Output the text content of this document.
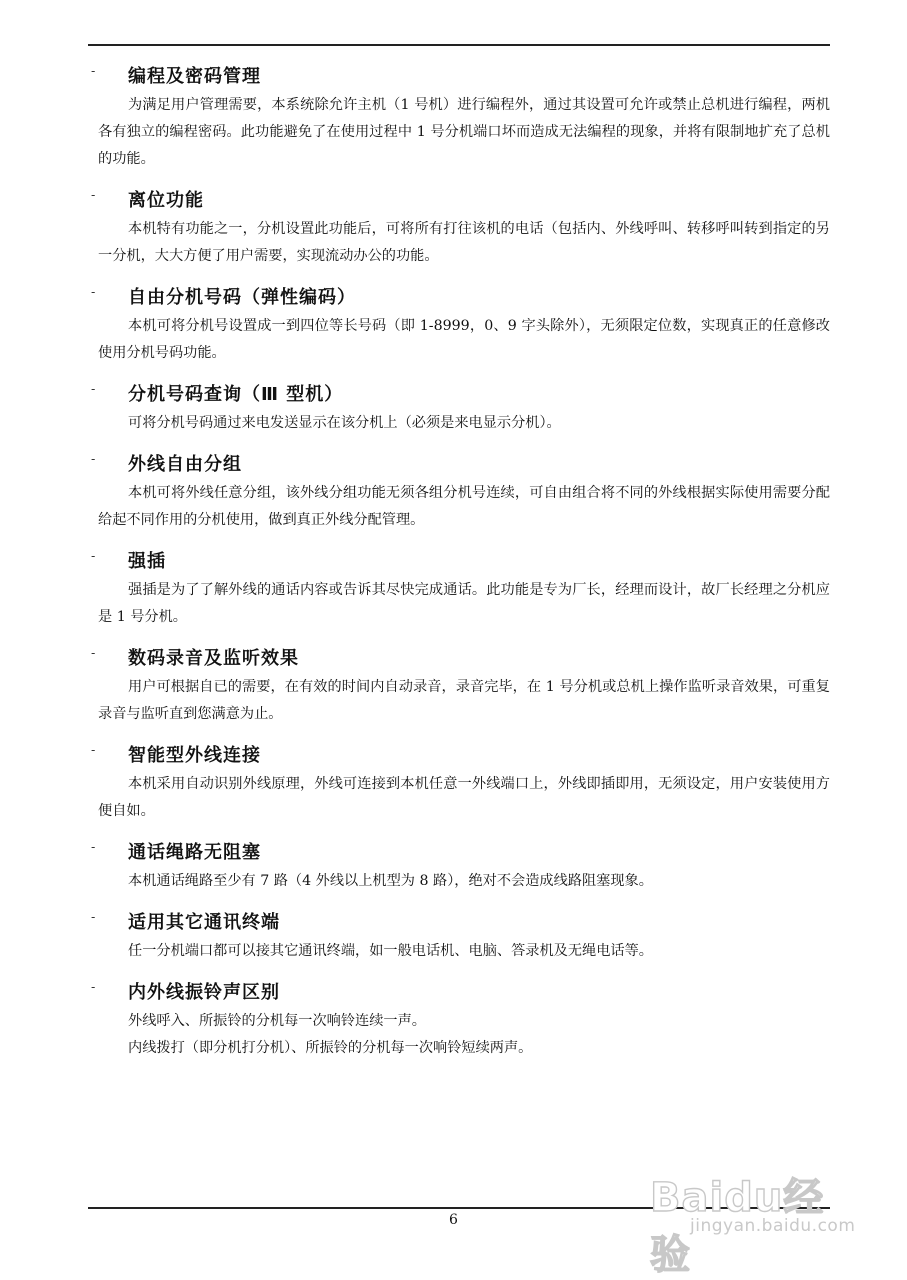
- 编程及密码管理

为满足用户管理需要，本系统除允许主机（1 号机）进行编程外，通过其设置可允许或禁止总机进行编程，两机各有独立的编程密码。此功能避免了在使用过程中 1 号分机端口坏而造成无法编程的现象，并将有限制地扩充了总机的功能。

- 离位功能

本机特有功能之一，分机设置此功能后，可将所有打往该机的电话（包括内、外线呼叫、转移呼叫转到指定的另一分机，大大方便了用户需要，实现流动办公的功能。

- 自由分机号码（弹性编码）

本机可将分机号设置成一到四位等长号码（即 1-8999，0、9 字头除外），无须限定位数，实现真正的任意修改使用分机号码功能。

- 分机号码查询（Ⅲ 型机）

可将分机号码通过来电发送显示在该分机上（必须是来电显示分机）。

- 外线自由分组

本机可将外线任意分组，该外线分组功能无须各组分机号连续，可自由组合将不同的外线根据实际使用需要分配给起不同作用的分机使用，做到真正外线分配管理。

- 强插

强插是为了了解外线的通话内容或告诉其尽快完成通话。此功能是专为厂长，经理而设计，故厂长经理之分机应是 1 号分机。

- 数码录音及监听效果

用户可根据自已的需要，在有效的时间内自动录音，录音完毕，在 1 号分机或总机上操作监听录音效果，可重复录音与监听直到您满意为止。

- 智能型外线连接

本机采用自动识别外线原理，外线可连接到本机任意一外线端口上，外线即插即用，无须设定，用户安装使用方便自如。

- 通话绳路无阻塞

本机通话绳路至少有 7 路（4 外线以上机型为 8 路），绝对不会造成线路阻塞现象。

- 适用其它通讯终端

任一分机端口都可以接其它通讯终端，如一般电话机、电脑、答录机及无绳电话等。

- 内外线振铃声区别

外线呼入、所振铃的分机每一次响铃连续一声。

内线拨打（即分机打分机）、所振铃的分机每一次响铃短续两声。

6	Baidu经验
jingyan.baidu.com
